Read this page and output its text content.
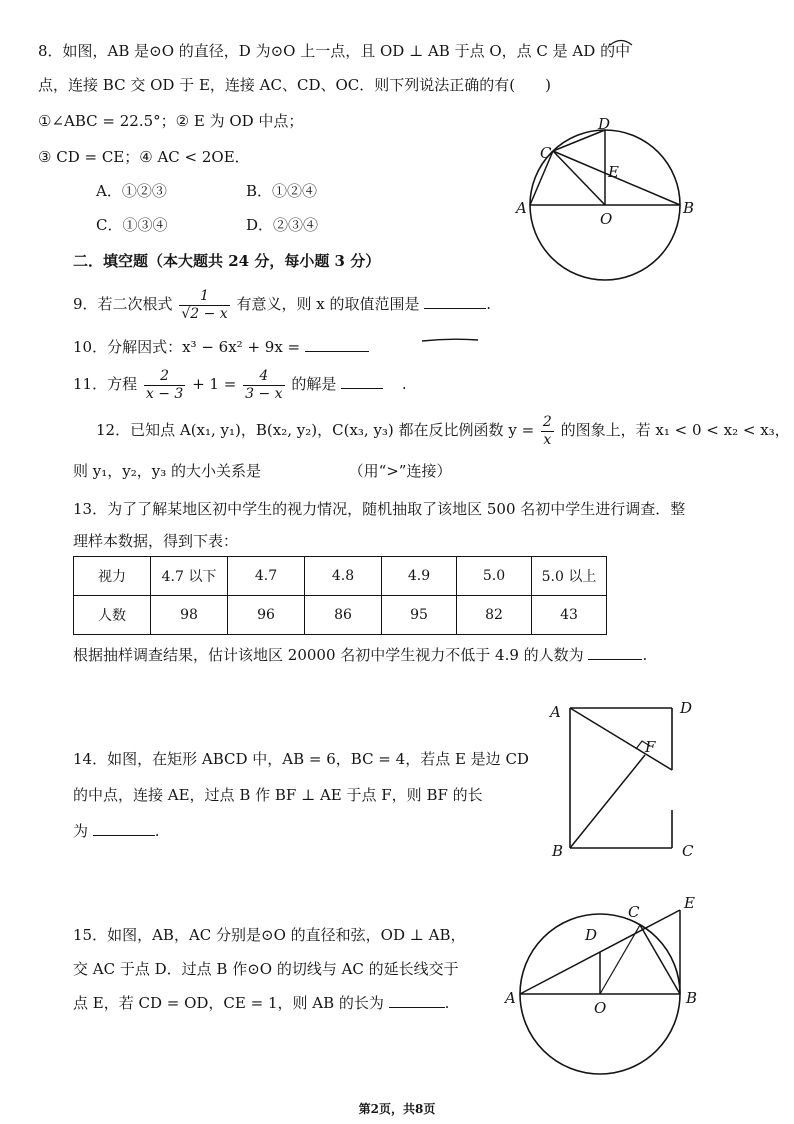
8．如图，AB 是⊙O 的直径，D 为⊙O 上一点，且 OD ⊥ AB 于点 O，点 C 是 AD 的中
点，连接 BC 交 OD 于 E，连接 AC、CD、OC．则下列说法正确的有(　　)
①∠ABC = 22.5°；② E 为 OD 中点；
③ CD = CE；④ AC < 2OE．
A．①②③	B．①②④
C．①③④	D．②③④
C
D
E
A	B
O
二．填空题（本大题共 24 分，每小题 3 分）
9．若二次根式 $\frac{1}{√2 - x}$ 有意义，则 x 的取值范围是	.
10．分解因式：x³ − 6x² + 9x =
11．方程 $\frac{2}{x - 3} + 1 = \frac{4}{3 - x}$ 的解是	.
12．已知点 A(x₁, y₁)，B(x₂, y₂)，C(x₃, y₃) 都在反比例函数 $y = \frac{2}{x}$ 的图象上，若 x₁ < 0 < x₂ < x₃，
则 y₁，y₂，y₃ 的大小关系是	（用“>”连接）
13．为了了解某地区初中学生的视力情况，随机抽取了该地区 500 名初中学生进行调查．整
理样本数据，得到下表：
视力	4.7 以下	4.7	4.8	4.9	5.0	5.0 以上
人数	98	96	86	95	82	43
根据抽样调查结果，估计该地区 20000 名初中学生视力不低于 4.9 的人数为	.
14．如图，在矩形 ABCD 中，AB = 6，BC = 4，若点 E 是边 CD
的中点，连接 AE，过点 B 作 BF ⊥ AE 于点 F，则 BF 的长
为	.
A	D
F
B	C
15．如图，AB，AC 分别是⊙O 的直径和弦，OD ⊥ AB，
交 AC 于点 D．过点 B 作⊙O 的切线与 AC 的延长线交于
点 E，若 CD = OD，CE = 1，则 AB 的长为	.
C	E
D
A	B
O
第2页，共8页
